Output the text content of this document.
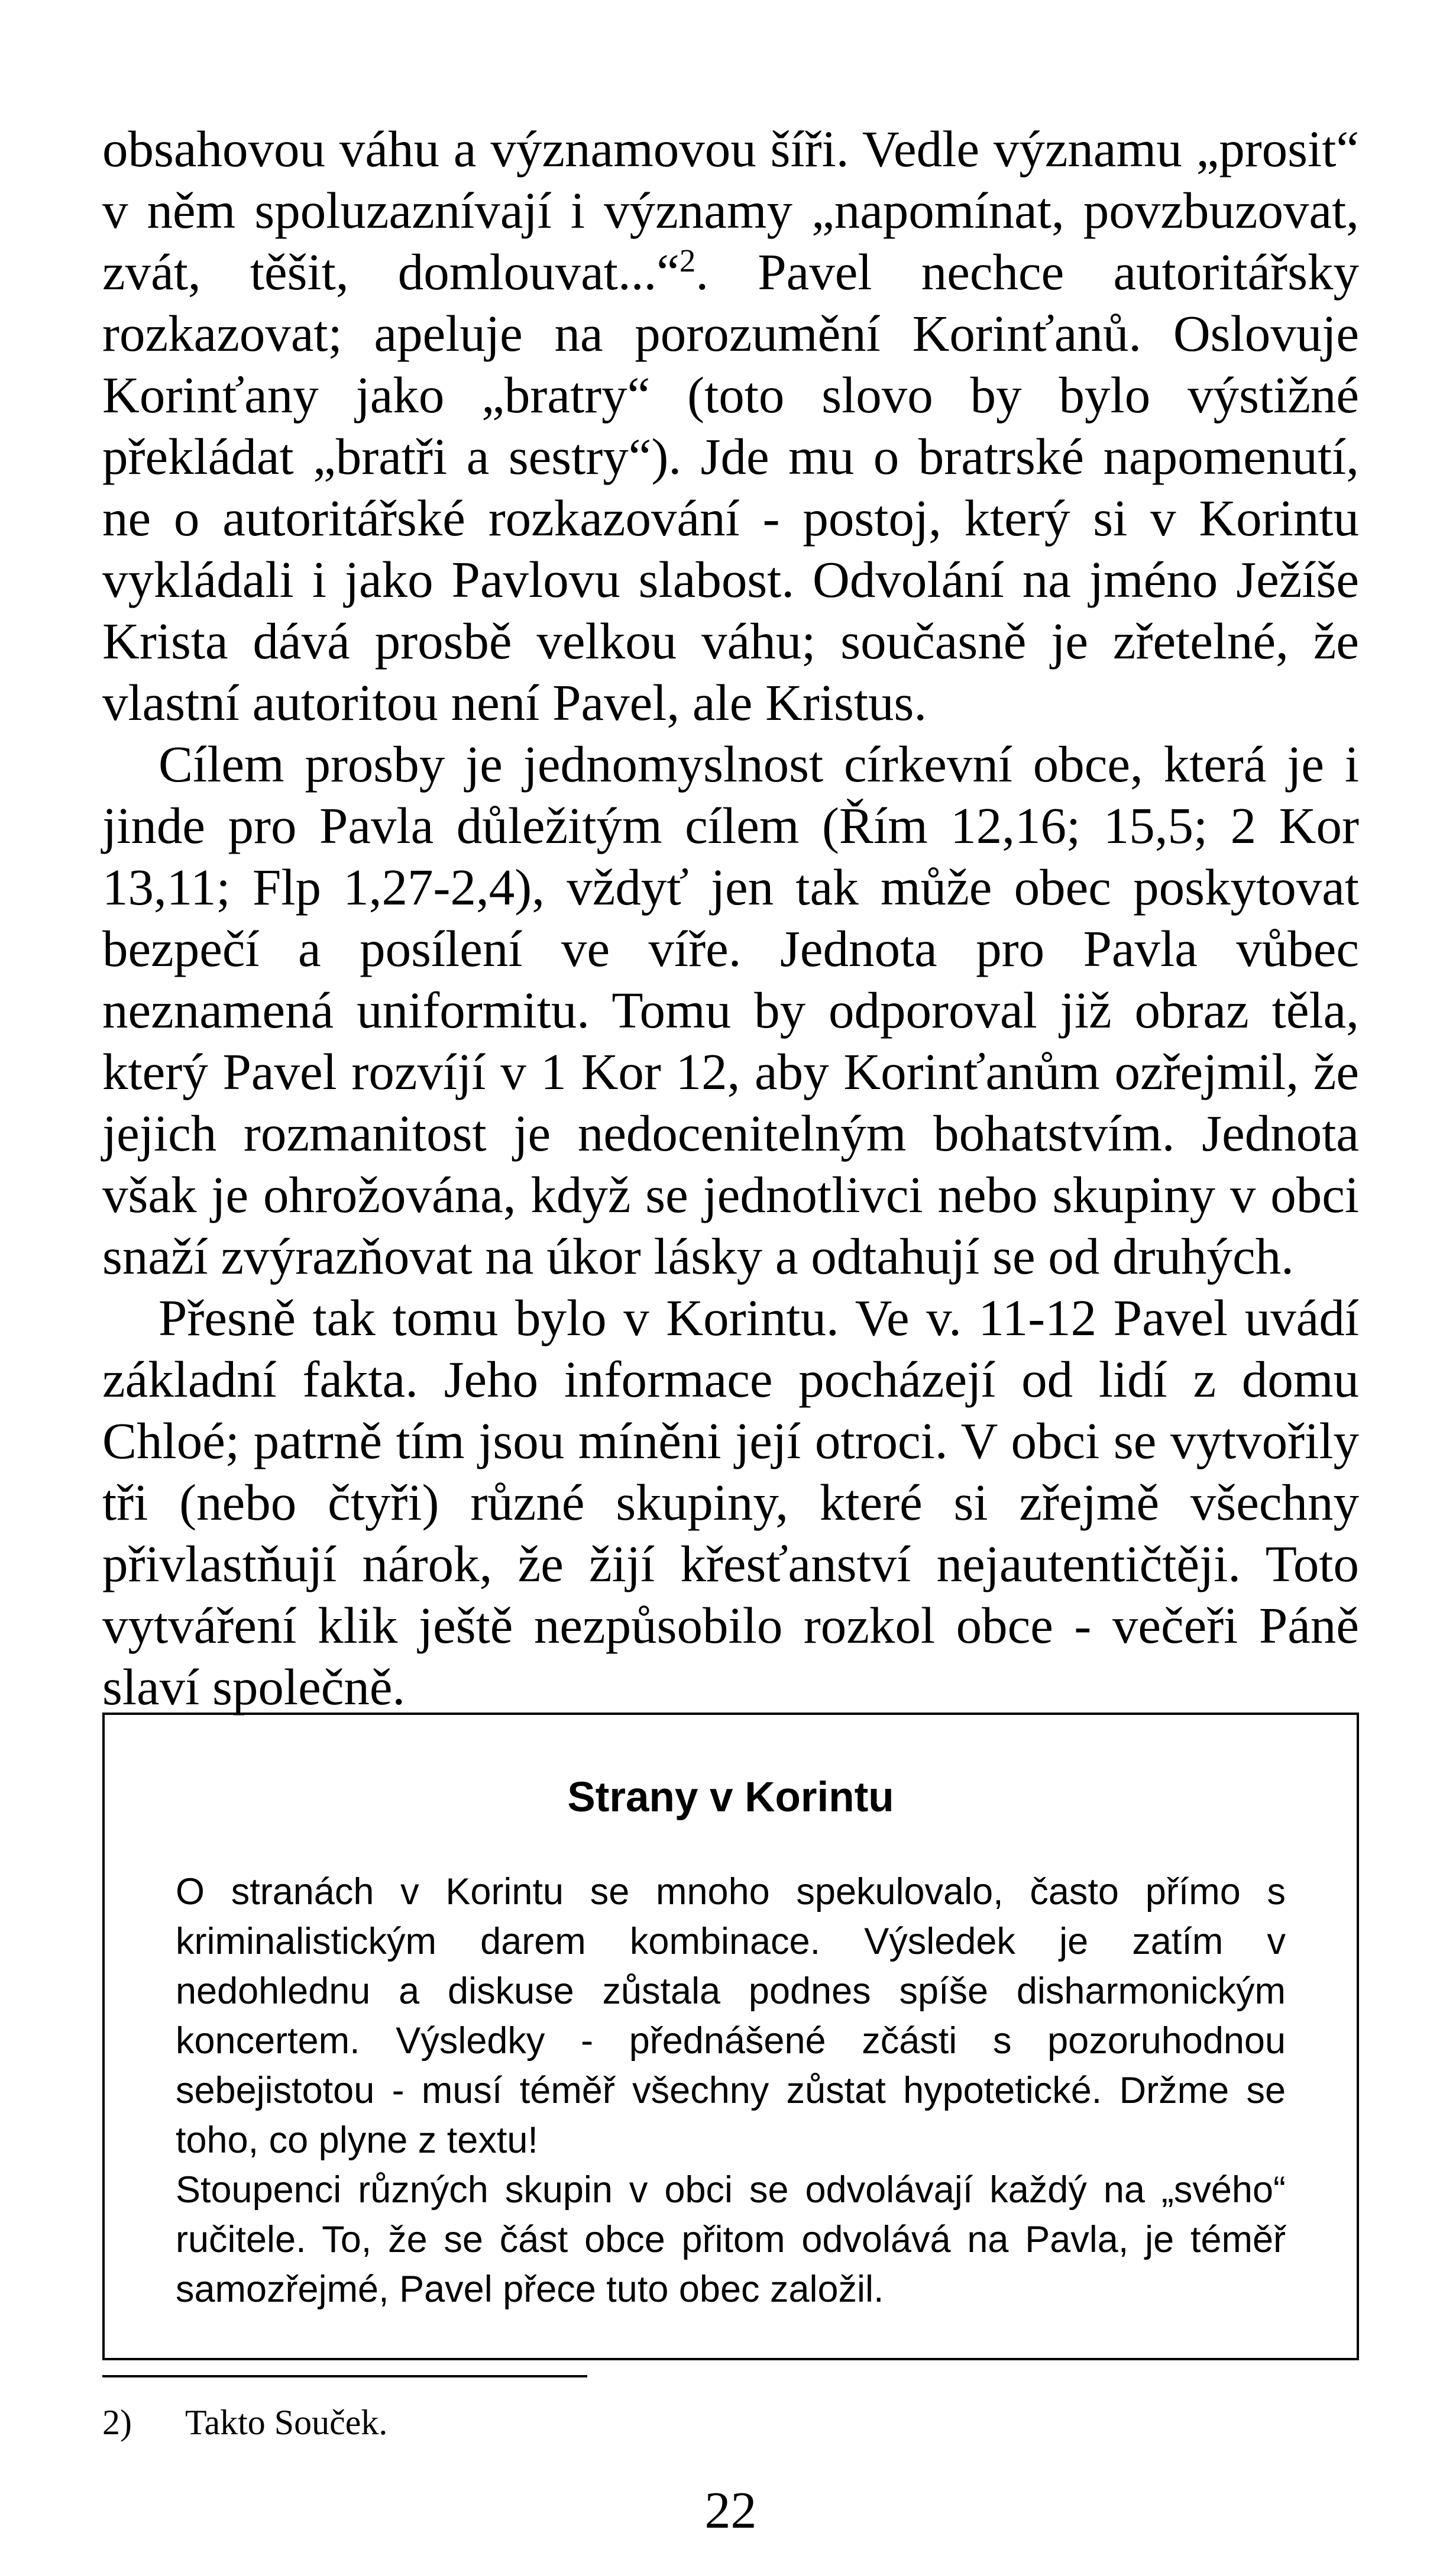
obsahovou váhu a významovou šíři. Vedle významu „prosit“ v něm spoluzaznívají i významy „napomínat, povzbuzovat, zvát, těšit, domlouvat...“$^2$. Pavel nechce autoritářsky rozkazovat; apeluje na porozumění Korinťanů. Oslovuje Korinťany jako „bratry“ (toto slovo by bylo výstižné překládat „bratři a sestry“). Jde mu o bratrské napomenutí, ne o autoritářské rozkazování - postoj, který si v Korintu vykládali i jako Pavlovu slabost. Odvolání na jméno Ježíše Krista dává prosbě velkou váhu; současně je zřetelné, že vlastní autoritou není Pavel, ale Kristus.

Cílem prosby je jednomyslnost církevní obce, která je i jinde pro Pavla důležitým cílem (Řím 12,16; 15,5; 2 Kor 13,11; Flp 1,27-2,4), vždyť jen tak může obec poskytovat bezpečí a posílení ve víře. Jednota pro Pavla vůbec neznamená uniformitu. Tomu by odporoval již obraz těla, který Pavel rozvíjí v 1 Kor 12, aby Korinťanům ozřejmil, že jejich rozmanitost je nedocenitelným bohatstvím. Jednota však je ohrožována, když se jednotlivci nebo skupiny v obci snaží zvýrazňovat na úkor lásky a odtahují se od druhých.

Přesně tak tomu bylo v Korintu. Ve v. 11-12 Pavel uvádí základní fakta. Jeho informace pocházejí od lidí z domu Chloé; patrně tím jsou míněni její otroci. V obci se vytvořily tři (nebo čtyři) různé skupiny, které si zřejmě všechny přivlastňují nárok, že žijí křesťanství nejautentičtěji. Toto vytváření klik ještě nezpůsobilo rozkol obce - večeři Páně slaví společně.

Strany v Korintu

O stranách v Korintu se mnoho spekulovalo, často přímo s kriminalistickým darem kombinace. Výsledek je zatím v nedohlednu a diskuse zůstala podnes spíše disharmonickým koncertem. Výsledky - přednášené zčásti s pozoruhodnou sebejistotou - musí téměř všechny zůstat hypotetické. Držme se toho, co plyne z textu!

Stoupenci různých skupin v obci se odvolávají každý na „svého“ ručitele. To, že se část obce přitom odvolává na Pavla, je téměř samozřejmé, Pavel přece tuto obec založil.

2) Takto Souček.
22
